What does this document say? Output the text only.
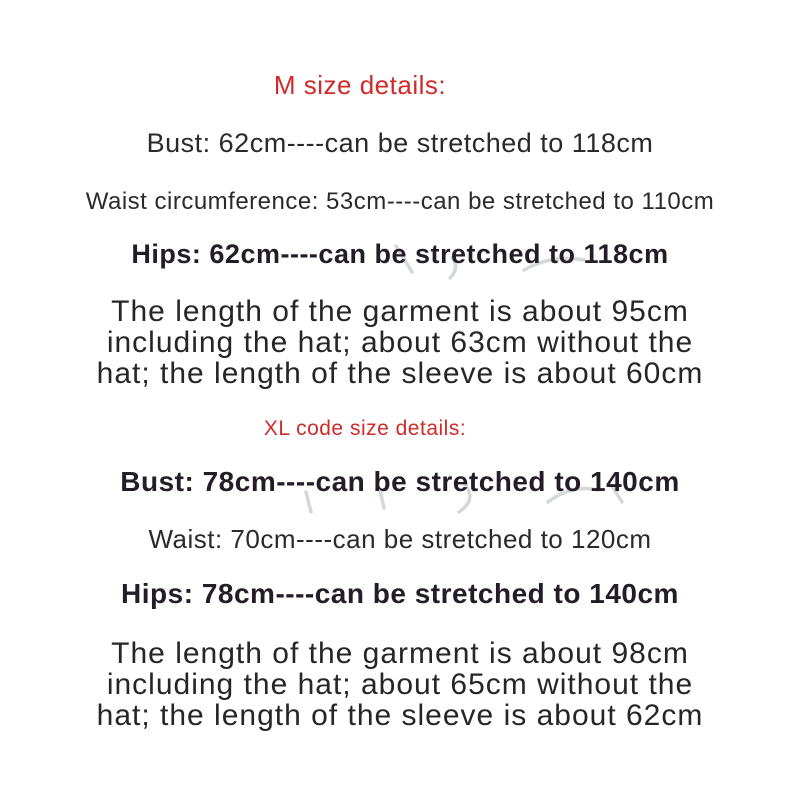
M size details:
Bust: 62cm----can be stretched to 118cm
Waist circumference: 53cm----can be stretched to 110cm
Hips: 62cm----can be stretched to 118cm
The length of the garment is about 95cm
including the hat; about 63cm without the
hat; the length of the sleeve is about 60cm
XL code size details:
Bust: 78cm----can be stretched to 140cm
Waist: 70cm----can be stretched to 120cm
Hips: 78cm----can be stretched to 140cm
The length of the garment is about 98cm
including the hat; about 65cm without the
hat; the length of the sleeve is about 62cm
